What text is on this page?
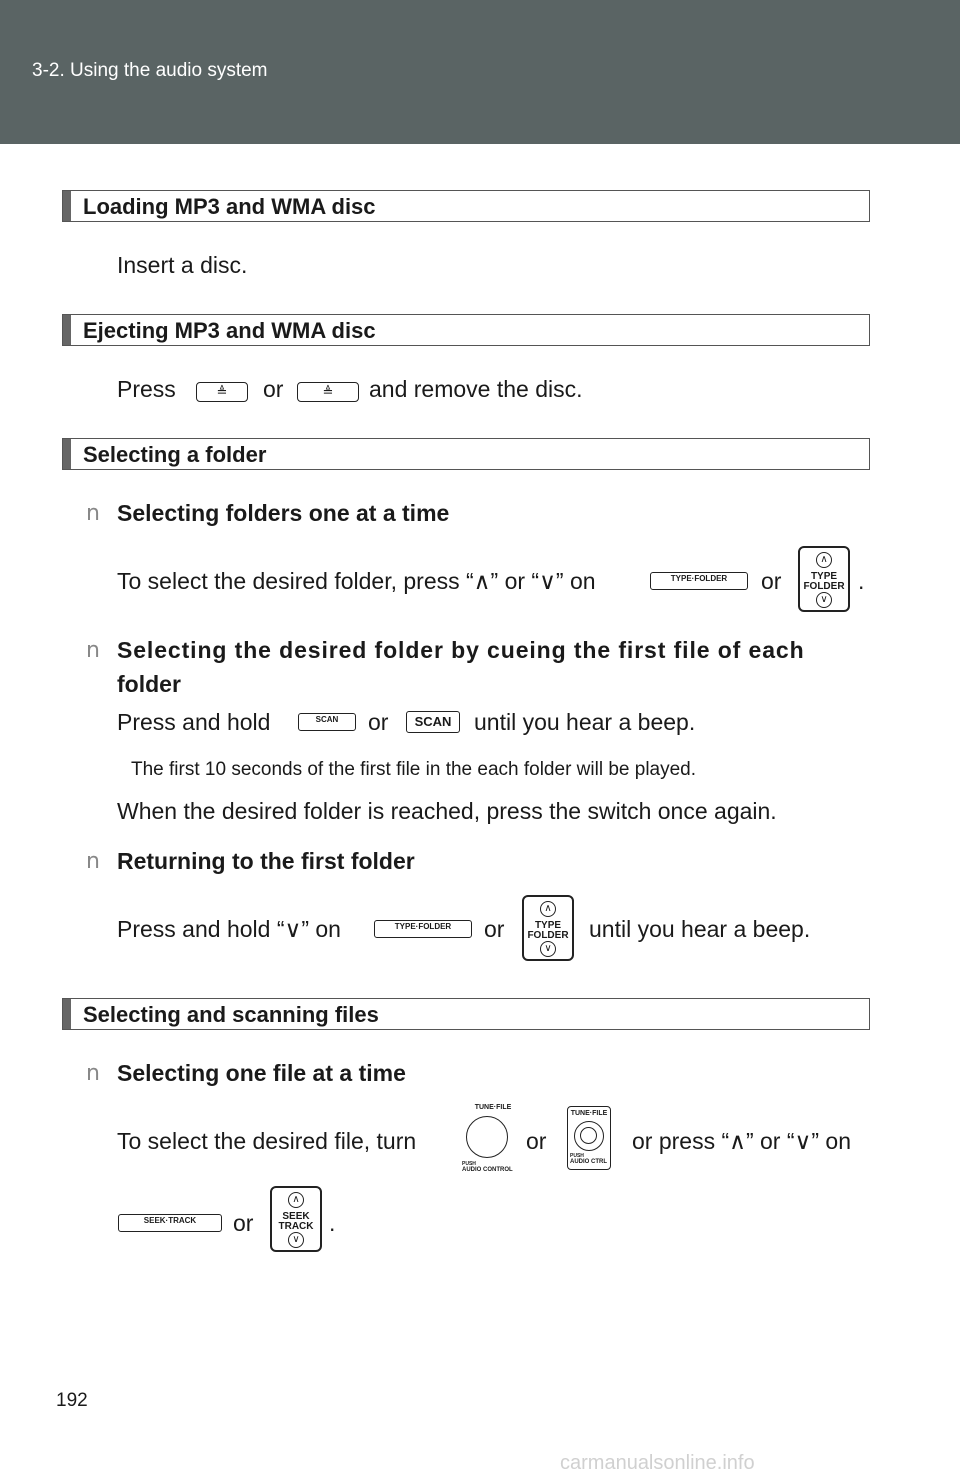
3-2. Using the audio system
Loading MP3 and WMA disc
Insert a disc.
Ejecting MP3 and WMA disc
Press	≜	or	≜	and remove the disc.
Selecting a folder
n Selecting folders one at a time
To select the desired folder, press “∧” or “∨” on	TYPE·FOLDER	or
∧
TYPE
FOLDER
∨
.
n Selecting the desired folder by cueing the first file of each
folder
Press and hold	SCAN	or	SCAN until you hear a beep.
The first 10 seconds of the first file in the each folder will be played.
When the desired folder is reached, press the switch once again.
n Returning to the first folder
Press and hold “∨” on	TYPE·FOLDER	or
∧
TYPE
FOLDER
∨
until you hear a beep.
Selecting and scanning files
n Selecting one file at a time
To select the desired file, turn
TUNE·FILE
PUSH
AUDIO CONTROL
or
TUNE·FILE
PUSH
AUDIO CTRL
or press “∧” or “∨” on
SEEK·TRACK	or
∧
SEEK
TRACK
∨
.
192
carmanualsonline.info
